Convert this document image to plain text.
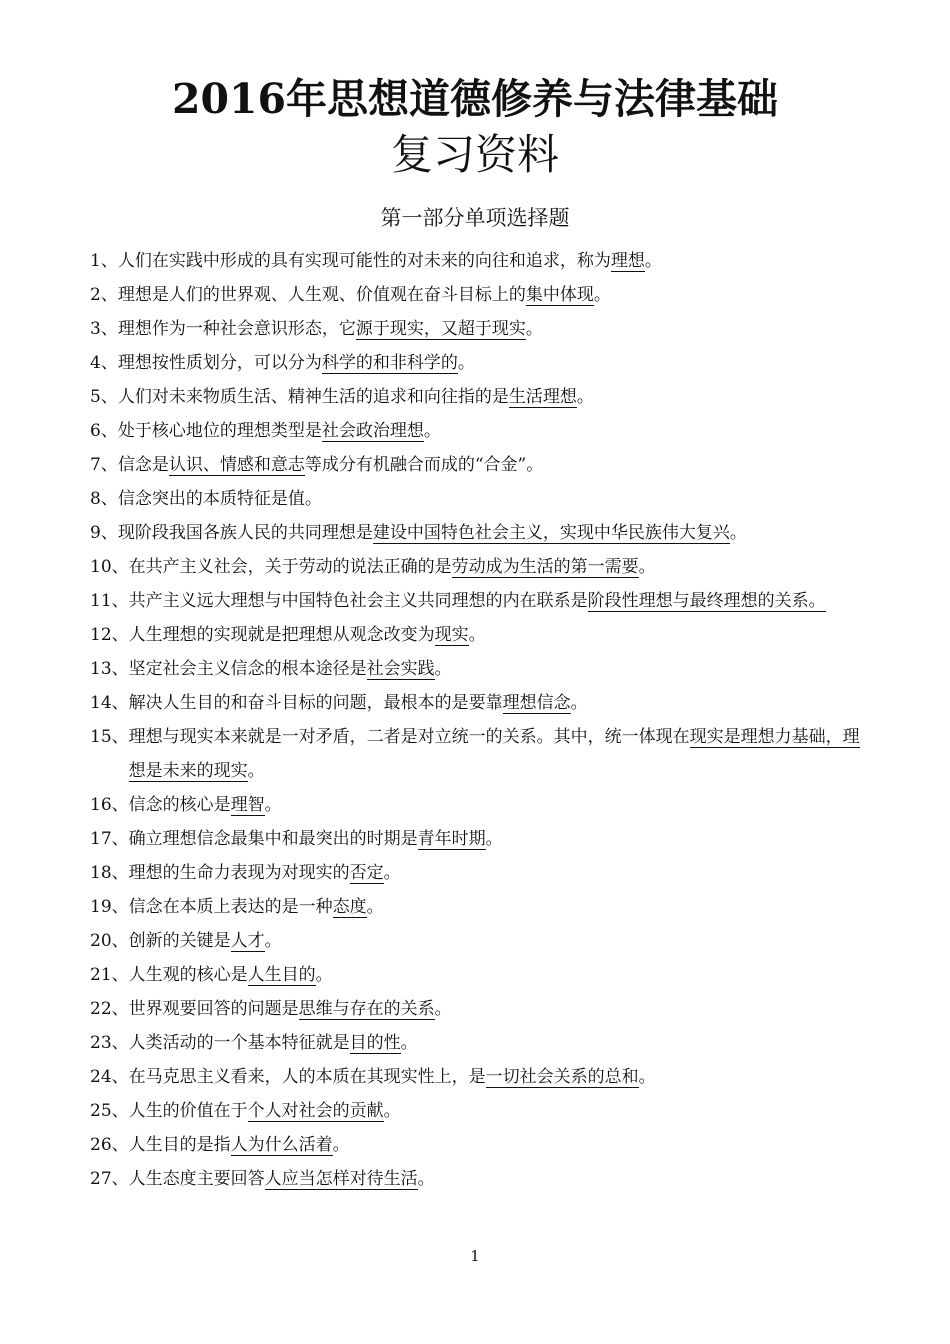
2016年思想道德修养与法律基础
复习资料
第一部分单项选择题
1、 人们在实践中形成的具有实现可能性的对未来的向往和追求，称为理想。
2、 理想是人们的世界观、人生观、价值观在奋斗目标上的集中体现。
3、 理想作为一种社会意识形态，它源于现实，又超于现实。
4、 理想按性质划分，可以分为科学的和非科学的。
5、 人们对未来物质生活、精神生活的追求和向往指的是生活理想。
6、 处于核心地位的理想类型是社会政治理想。
7、 信念是认识、情感和意志等成分有机融合而成的“合金”。
8、 信念突出的本质特征是值。
9、 现阶段我国各族人民的共同理想是建设中国特色社会主义，实现中华民族伟大复兴。
10、 在共产主义社会，关于劳动的说法正确的是劳动成为生活的第一需要。
11、 共产主义远大理想与中国特色社会主义共同理想的内在联系是阶段性理想与最终理想的关系。
12、 人生理想的实现就是把理想从观念改变为现实。
13、 坚定社会主义信念的根本途径是社会实践。
14、 解决人生目的和奋斗目标的问题，最根本的是要靠理想信念。
15、 理想与现实本来就是一对矛盾，二者是对立统一的关系。其中，统一体现在现实是理想力基础，理想是未来的现实。
16、 信念的核心是理智。
17、 确立理想信念最集中和最突出的时期是青年时期。
18、 理想的生命力表现为对现实的否定。
19、 信念在本质上表达的是一种态度。
20、 创新的关键是人才。
21、 人生观的核心是人生目的。
22、 世界观要回答的问题是思维与存在的关系。
23、 人类活动的一个基本特征就是目的性。
24、 在马克思主义看来，人的本质在其现实性上，是一切社会关系的总和。
25、 人生的价值在于个人对社会的贡献。
26、 人生目的是指人为什么活着。
27、 人生态度主要回答人应当怎样对待生活。
1
